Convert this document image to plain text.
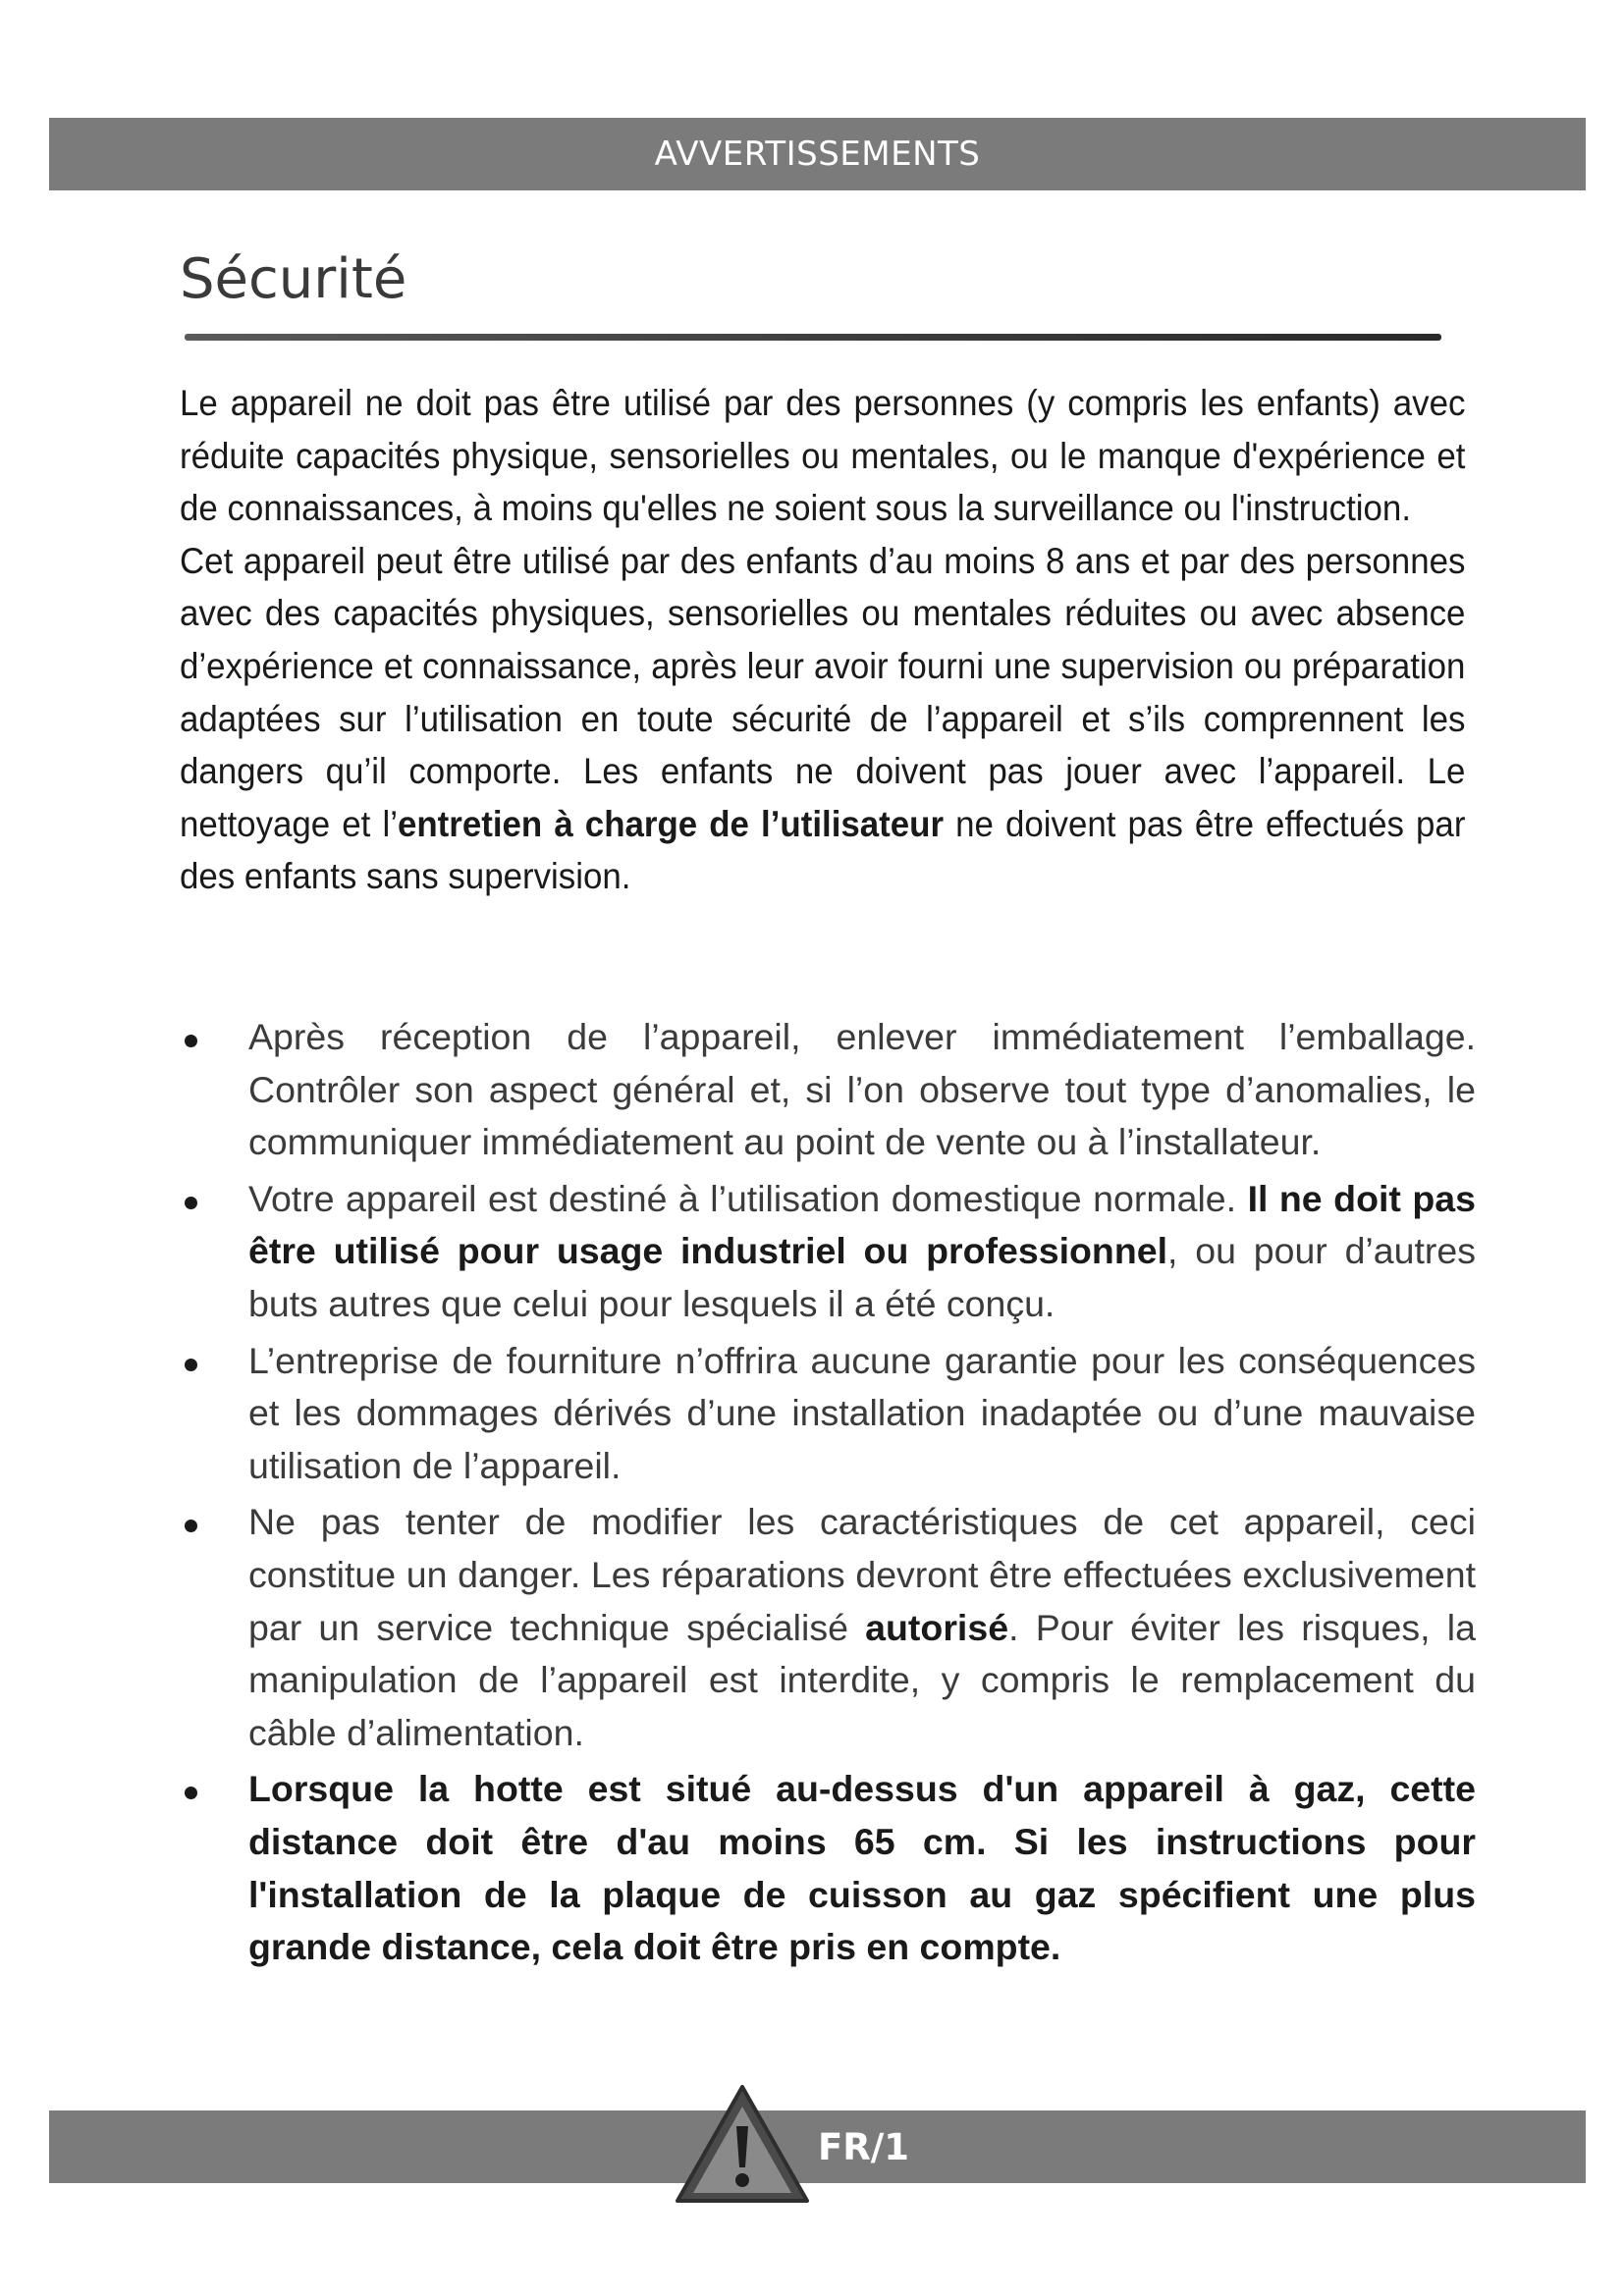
AVVERTISSEMENTS
Sécurité

Le appareil ne doit pas être utilisé par des personnes (y compris les enfants) avec réduite capacités physique, sensorielles ou mentales, ou le manque d'expérience et de connaissances, à moins qu'elles ne soient sous la surveillance ou l'instruction.

Cet appareil peut être utilisé par des enfants d’au moins 8 ans et par des personnes avec des capacités physiques, sensorielles ou mentales réduites ou avec absence d’expérience et connaissance, après leur avoir fourni une supervision ou préparation adaptées sur l’utilisation en toute sécurité de l’appareil et s’ils comprennent les dangers qu’il comporte. Les enfants ne doivent pas jouer avec l’appareil. Le nettoyage et l’entretien à charge de l’utilisateur ne doivent pas être effectués par des enfants sans supervision.

Après réception de l’appareil, enlever immédiatement l’emballage. Contrôler son aspect général et, si l’on observe tout type d’anomalies, le communiquer immédiatement au point de vente ou à l’installateur.
Votre appareil est destiné à l’utilisation domestique normale. Il ne doit pas être utilisé pour usage industriel ou professionnel, ou pour d’autres buts autres que celui pour lesquels il a été conçu.
L’entreprise de fourniture n’offrira aucune garantie pour les conséquences et les dommages dérivés d’une installation inadaptée ou d’une mauvaise utilisation de l’appareil.
Ne pas tenter de modifier les caractéristiques de cet appareil, ceci constitue un danger. Les réparations devront être effectuées exclusivement par un service technique spécialisé autorisé. Pour éviter les risques, la manipulation de l’appareil est interdite, y compris le remplacement du câble d’alimentation.
Lorsque la hotte est situé au-dessus d'un appareil à gaz, cette distance doit être d'au moins 65 cm. Si les instructions pour l'installation de la plaque de cuisson au gaz spécifient une plus grande distance, cela doit être pris en compte.
FR/1
